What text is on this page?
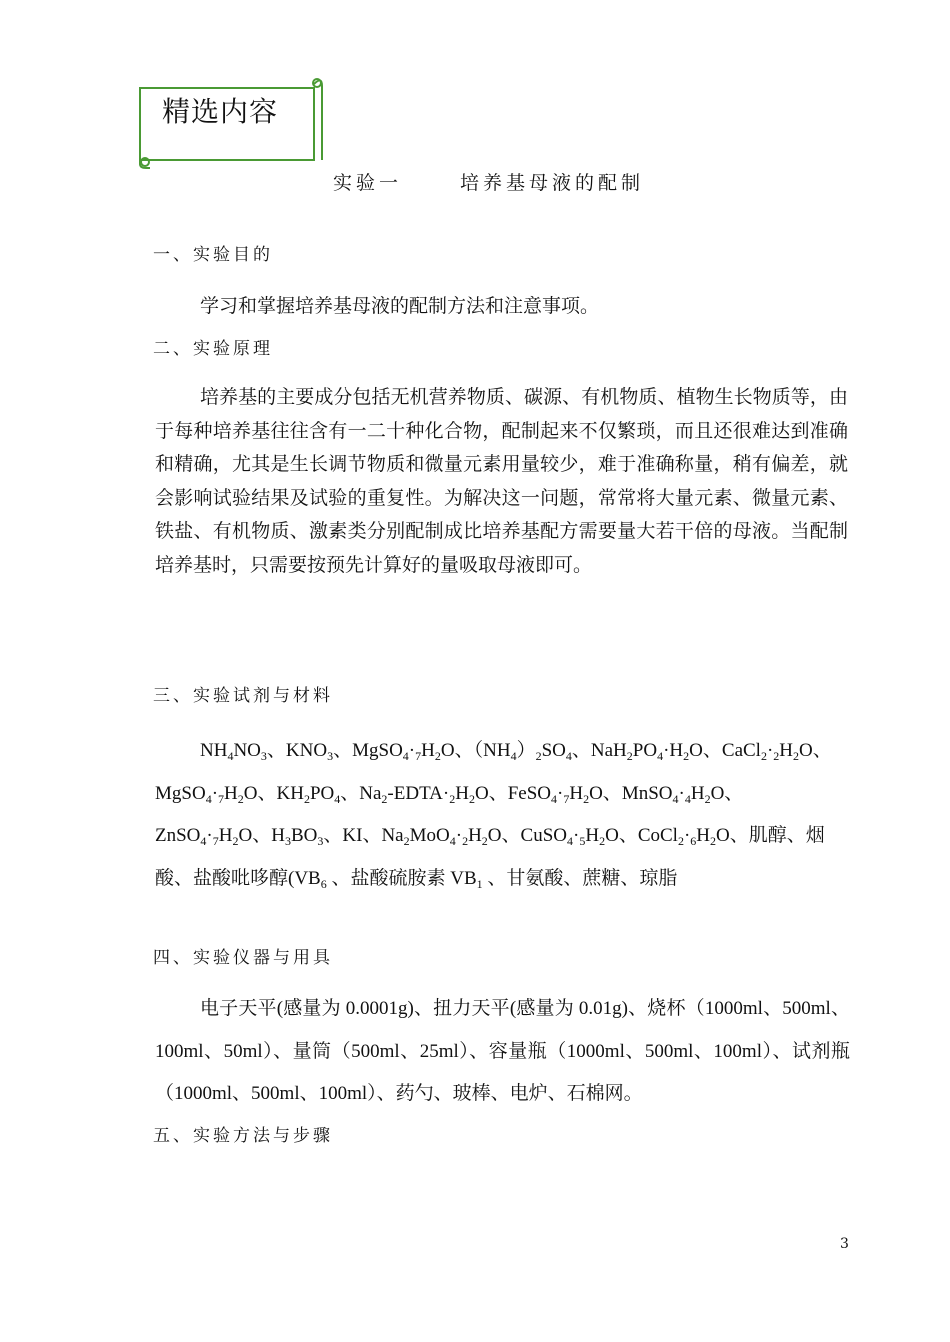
精选内容
实验一	培养基母液的配制
一、实验目的

学习和掌握培养基母液的配制方法和注意事项。

二、实验原理

培养基的主要成分包括无机营养物质、碳源、有机物质、植物生长物质等，由于每种培养基往往含有一二十种化合物，配制起来不仅繁琐，而且还很难达到准确和精确，尤其是生长调节物质和微量元素用量较少，难于准确称量，稍有偏差，就会影响试验结果及试验的重复性。为解决这一问题，常常将大量元素、微量元素、铁盐、有机物质、激素类分别配制成比培养基配方需要量大若干倍的母液。当配制培养基时，只需要按预先计算好的量吸取母液即可。

三、实验试剂与材料

$NH_4NO_3$、$KNO_3$、$MgSO_4\cdot_7H_2O$、$(NH_4)_2SO_4$、$NaH_2PO_4\cdot H_2O$、$CaCl_2\cdot_2H_2O$、$MgSO_4\cdot_7H_2O$、$KH_2PO_4$、$Na_2-EDTA\cdot_2H_2O$、$FeSO_4\cdot_7H_2O$、$MnSO_4\cdot_4H_2O$、$ZnSO_4\cdot_7H_2O$、$H_3BO_3$、KI、$Na_2MoO_4\cdot_2H_2O$、$CuSO_4\cdot_5H_2O$、$CoCl_2\cdot_6H_2O$、肌醇、烟酸、盐酸吡哆醇($VB_6$ 、盐酸硫胺素 $VB_1$ 、甘氨酸、蔗糖、琼脂

四、实验仪器与用具

电子天平(感量为 0.0001g)、扭力天平(感量为 0.01g)、烧杯（1000ml、500ml、100ml、50ml）、量筒（500ml、25ml）、容量瓶（1000ml、500ml、100ml）、试剂瓶（1000ml、500ml、100ml）、药勺、玻棒、电炉、石棉网。

五、实验方法与步骤
3
